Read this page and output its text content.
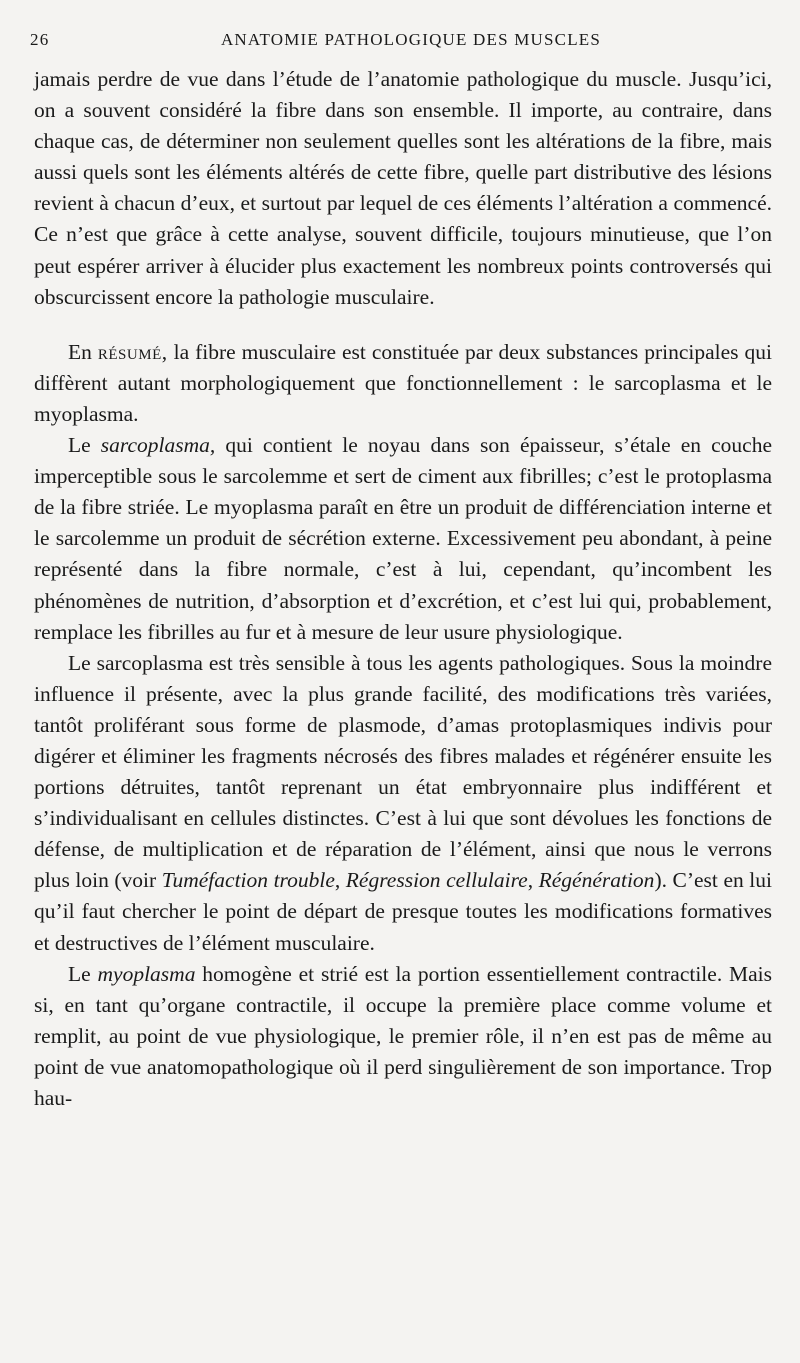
26	ANATOMIE PATHOLOGIQUE DES MUSCLES

jamais perdre de vue dans l’étude de l’anatomie pathologique du muscle. Jusqu’ici, on a souvent considéré la fibre dans son ensemble. Il importe, au contraire, dans chaque cas, de déterminer non seulement quelles sont les altérations de la fibre, mais aussi quels sont les éléments altérés de cette fibre, quelle part distributive des lésions revient à chacun d’eux, et surtout par lequel de ces éléments l’altération a commencé. Ce n’est que grâce à cette analyse, souvent difficile, toujours minutieuse, que l’on peut espérer arriver à élucider plus exactement les nombreux points controversés qui obscurcissent encore la pathologie musculaire.

En résumé, la fibre musculaire est constituée par deux substances principales qui diffèrent autant morphologiquement que fonctionnellement : le sarcoplasma et le myoplasma.

Le sarcoplasma, qui contient le noyau dans son épaisseur, s’étale en couche imperceptible sous le sarcolemme et sert de ciment aux fibrilles; c’est le protoplasma de la fibre striée. Le myoplasma paraît en être un produit de différenciation interne et le sarcolemme un produit de sécrétion externe. Excessivement peu abondant, à peine représenté dans la fibre normale, c’est à lui, cependant, qu’incombent les phénomènes de nutrition, d’absorption et d’excrétion, et c’est lui qui, probablement, remplace les fibrilles au fur et à mesure de leur usure physiologique.

Le sarcoplasma est très sensible à tous les agents pathologiques. Sous la moindre influence il présente, avec la plus grande facilité, des modifications très variées, tantôt proliférant sous forme de plasmode, d’amas protoplasmiques indivis pour digérer et éliminer les fragments nécrosés des fibres malades et régénérer ensuite les portions détruites, tantôt reprenant un état embryonnaire plus indifférent et s’individualisant en cellules distinctes. C’est à lui que sont dévolues les fonctions de défense, de multiplication et de réparation de l’élément, ainsi que nous le verrons plus loin (voir Tuméfaction trouble, Régression cellulaire, Régénération). C’est en lui qu’il faut chercher le point de départ de presque toutes les modifications formatives et destructives de l’élément musculaire.

Le myoplasma homogène et strié est la portion essentiellement contractile. Mais si, en tant qu’organe contractile, il occupe la première place comme volume et remplit, au point de vue physiologique, le premier rôle, il n’en est pas de même au point de vue anatomopathologique où il perd singulièrement de son importance. Trop hau-
